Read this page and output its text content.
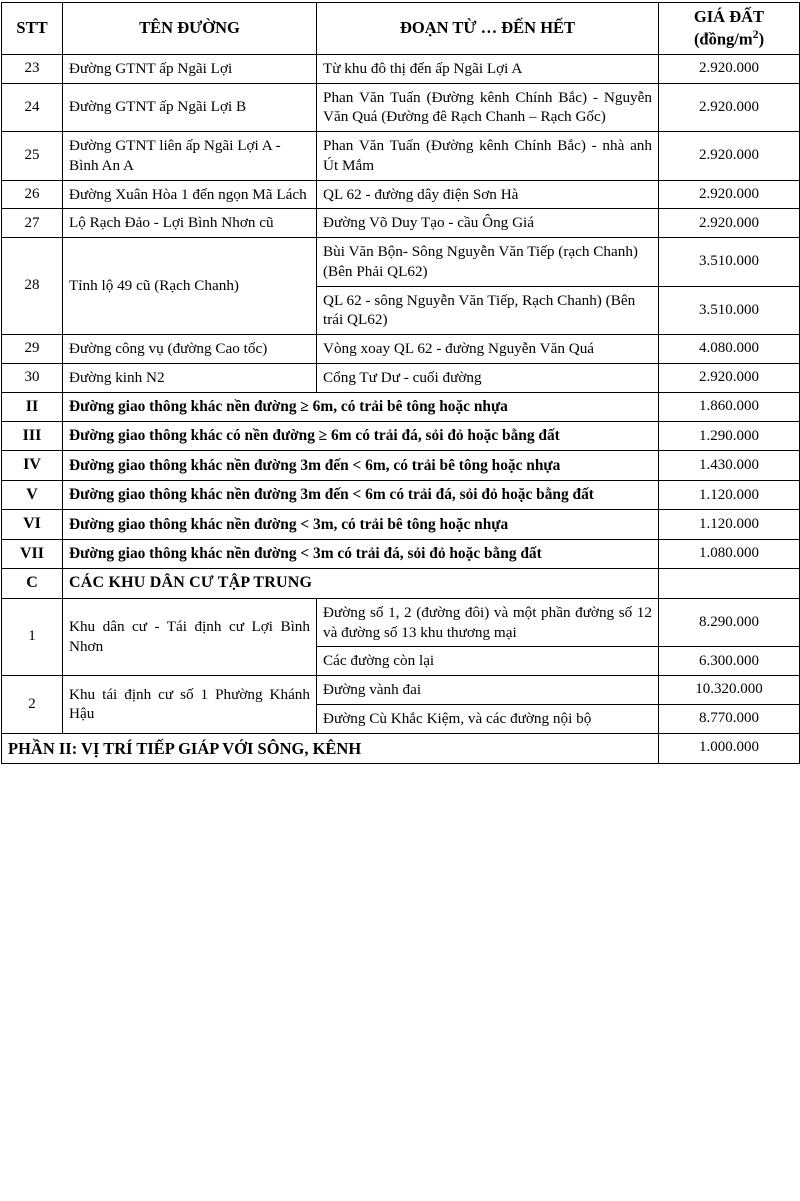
STT	TÊN ĐƯỜNG	ĐOẠN TỪ … ĐẾN HẾT	GIÁ ĐẤT
$(đồng/m^2)$

23	Đường GTNT ấp Ngãi Lợi	Từ khu đô thị đến ấp Ngãi Lợi A	2.920.000
24	Đường GTNT ấp Ngãi Lợi B	Phan Văn Tuấn (Đường kênh Chính Bắc) - Nguyễn Văn Quá (Đường đê Rạch Chanh – Rạch Gốc)	2.920.000
25	Đường GTNT liên ấp Ngãi Lợi A - Bình An A	Phan Văn Tuấn (Đường kênh Chính Bắc) - nhà anh Út Mắm	2.920.000
26	Đường Xuân Hòa 1 đến ngọn Mã Lách	QL 62 - đường dây điện Sơn Hà	2.920.000
27	Lộ Rạch Đảo - Lợi Bình Nhơn cũ	Đường Võ Duy Tạo - cầu Ông Giá	2.920.000
28	Tỉnh lộ 49 cũ (Rạch Chanh)	Bùi Văn Bộn- Sông Nguyễn Văn Tiếp (rạch Chanh) (Bên Phải QL62)	3.510.000
		QL 62 - sông Nguyễn Văn Tiếp, Rạch Chanh) (Bên trái QL62)	3.510.000
29	Đường công vụ (đường Cao tốc)	Vòng xoay QL 62 - đường Nguyễn Văn Quá	4.080.000
30	Đường kinh N2	Cổng Tư Dư - cuối đường	2.920.000
II	Đường giao thông khác nền đường ≥ 6m, có trải bê tông hoặc nhựa		1.860.000
III	Đường giao thông khác có nền đường ≥ 6m có trải đá, sỏi đỏ hoặc bằng đất		1.290.000
IV	Đường giao thông khác nền đường 3m đến < 6m, có trải bê tông hoặc nhựa		1.430.000
V	Đường giao thông khác nền đường 3m đến < 6m có trải đá, sỏi đỏ hoặc bằng đất		1.120.000
VI	Đường giao thông khác nền đường < 3m, có trải bê tông hoặc nhựa		1.120.000
VII	Đường giao thông khác nền đường < 3m có trải đá, sỏi đỏ hoặc bằng đất		1.080.000
C	CÁC KHU DÂN CƯ TẬP TRUNG		
1	Khu dân cư - Tái định cư Lợi Bình Nhơn	Đường số 1, 2 (đường đôi) và một phần đường số 12 và đường số 13 khu thương mại	8.290.000
		Các đường còn lại	6.300.000
2	Khu tái định cư số 1 Phường Khánh Hậu	Đường vành đai	10.320.000
		Đường Cù Khắc Kiệm, và các đường nội bộ	8.770.000
PHẦN II: VỊ TRÍ TIẾP GIÁP VỚI SÔNG, KÊNH			1.000.000
